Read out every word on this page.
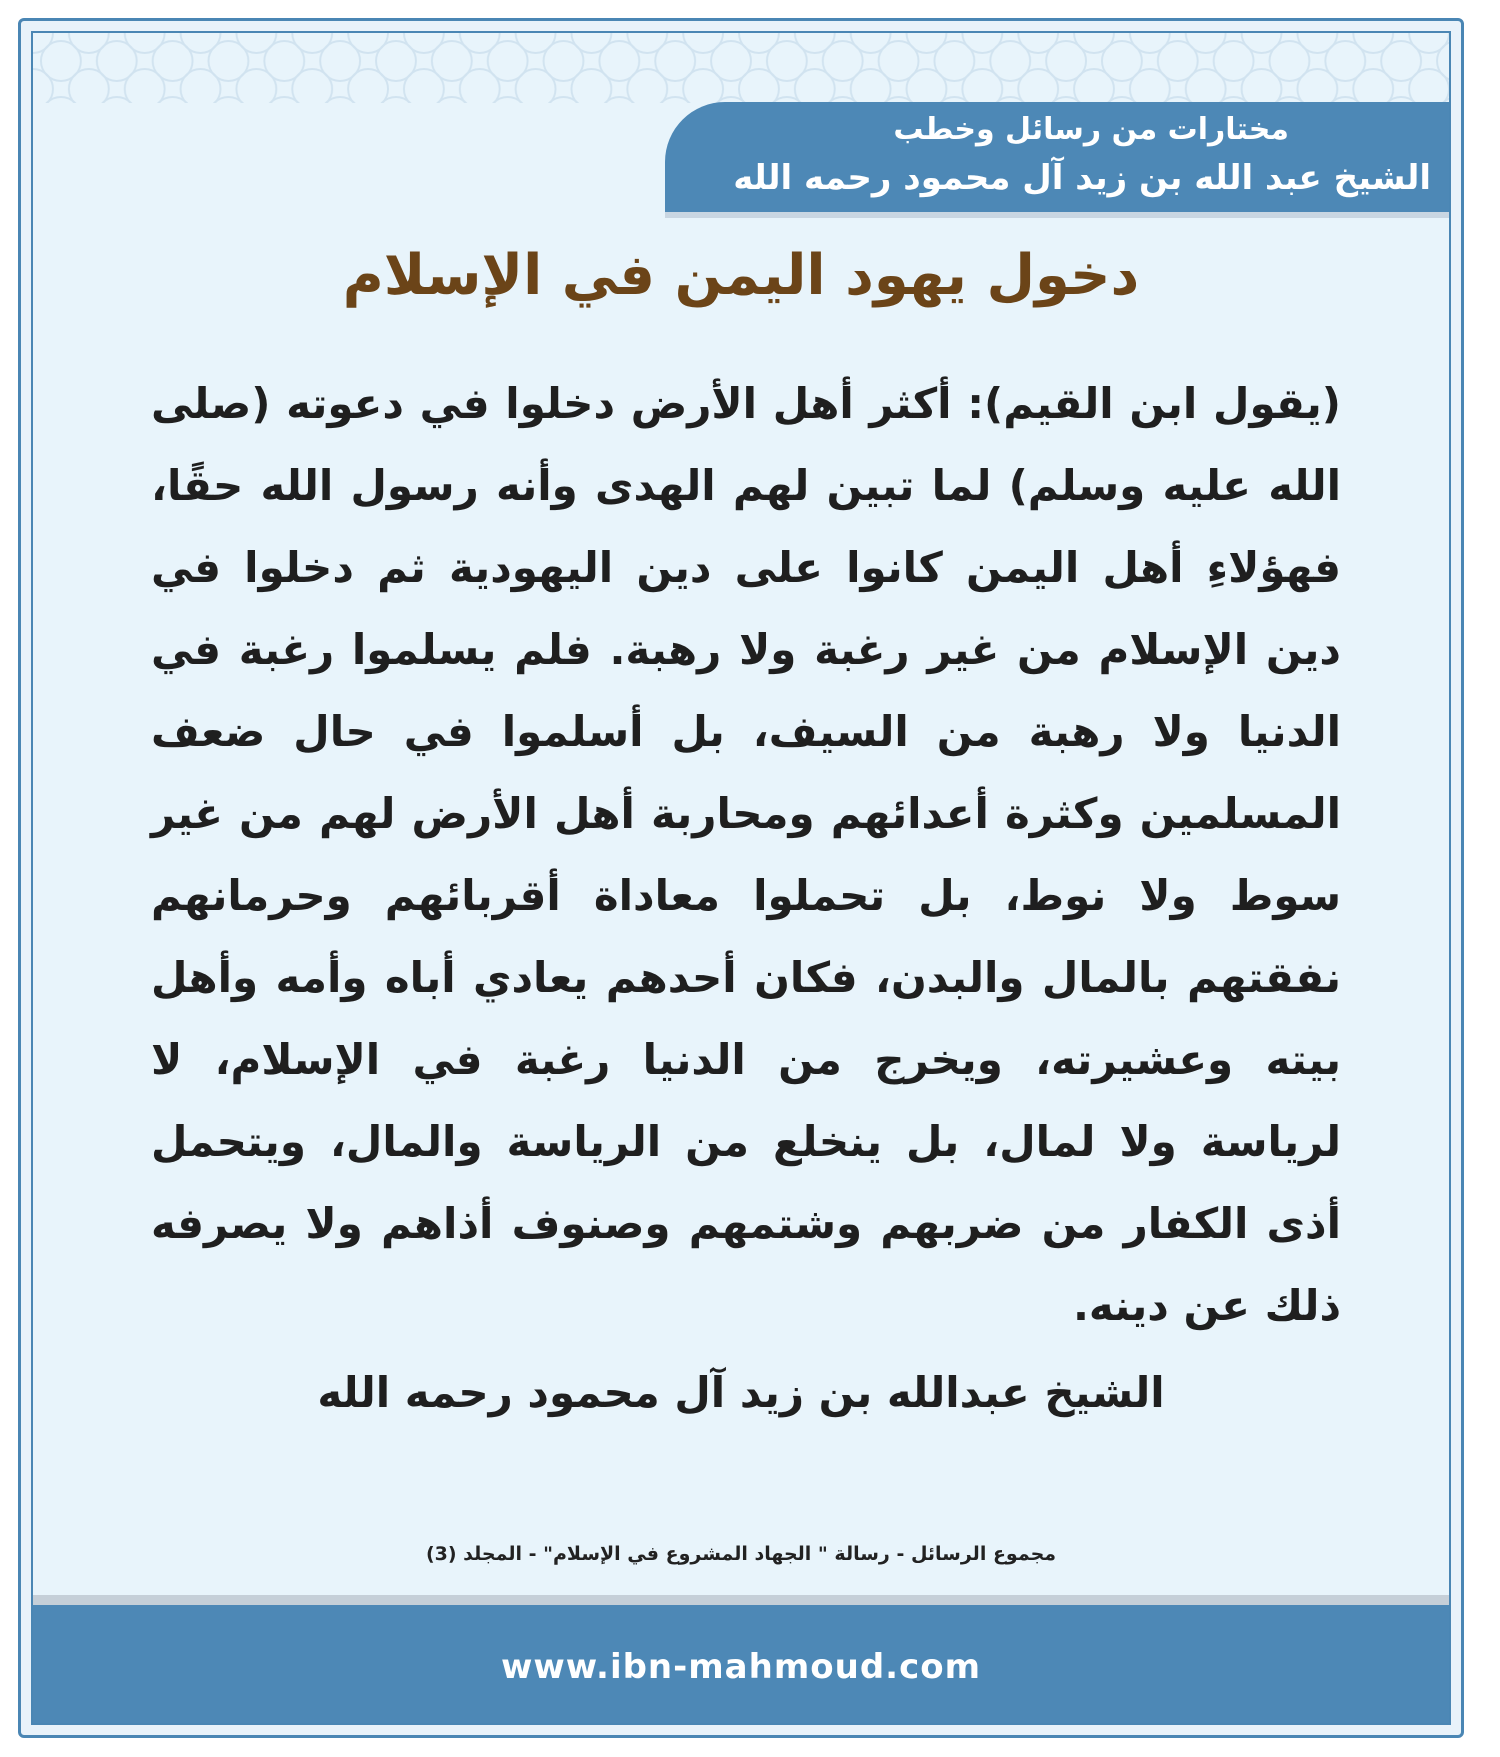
مختارات من رسائل وخطب
الشيخ عبد الله بن زيد آل محمود رحمه الله
دخول يهود اليمن في الإسلام
(يقول ابن القيم): أكثر أهل الأرض دخلوا في دعوته (صلى الله عليه وسلم) لما تبين لهم الهدى وأنه رسول الله حقًا، فهؤلاءِ أهل اليمن كانوا على دين اليهودية ثم دخلوا في دين الإسلام من غير رغبة ولا رهبة. فلم يسلموا رغبة في الدنيا ولا رهبة من السيف، بل أسلموا في حال ضعف المسلمين وكثرة أعدائهم ومحاربة أهل الأرض لهم من غير سوط ولا نوط، بل تحملوا معاداة أقربائهم وحرمانهم نفقتهم بالمال والبدن، فكان أحدهم يعادي أباه وأمه وأهل بيته وعشيرته، ويخرج من الدنيا رغبة في الإسلام، لا لرياسة ولا لمال، بل ينخلع من الرياسة والمال، ويتحمل أذى الكفار من ضربهم وشتمهم وصنوف أذاهم ولا يصرفه ذلك عن دينه.
الشيخ عبدالله بن زيد آل محمود رحمه الله
مجموع الرسائل - رسالة " الجهاد المشروع في الإسلام" - المجلد (3)
www.ibn-mahmoud.com
